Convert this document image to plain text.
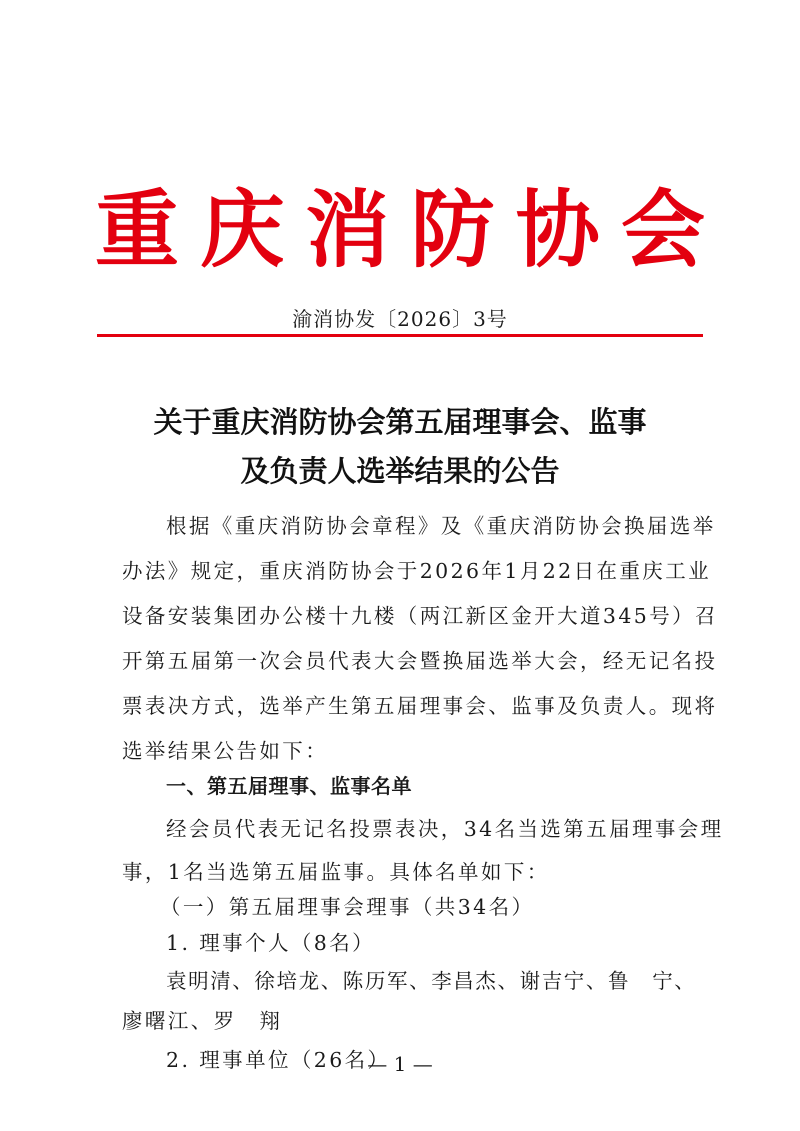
重 庆 消 防 协 会
渝消协发〔2026〕3号
关于重庆消防协会第五届理事会、监事
及负责人选举结果的公告
— 1 —
根据《重庆消防协会章程》及《重庆消防协会换届选举
办法》规定，重庆消防协会于2026年1月22日在重庆工业
设备安装集团办公楼十九楼（两江新区金开大道345号）召
开第五届第一次会员代表大会暨换届选举大会，经无记名投
票表决方式，选举产生第五届理事会、监事及负责人。现将
选举结果公告如下：
一、第五届理事、监事名单
经会员代表无记名投票表决，34名当选第五届理事会理
事，1名当选第五届监事。具体名单如下：
（一）第五届理事会理事（共34名）
1. 理事个人（8名）
袁明清、徐培龙、陈历军、李昌杰、谢吉宁、鲁　宁、
廖曙江、罗　翔
2. 理事单位（26名）
